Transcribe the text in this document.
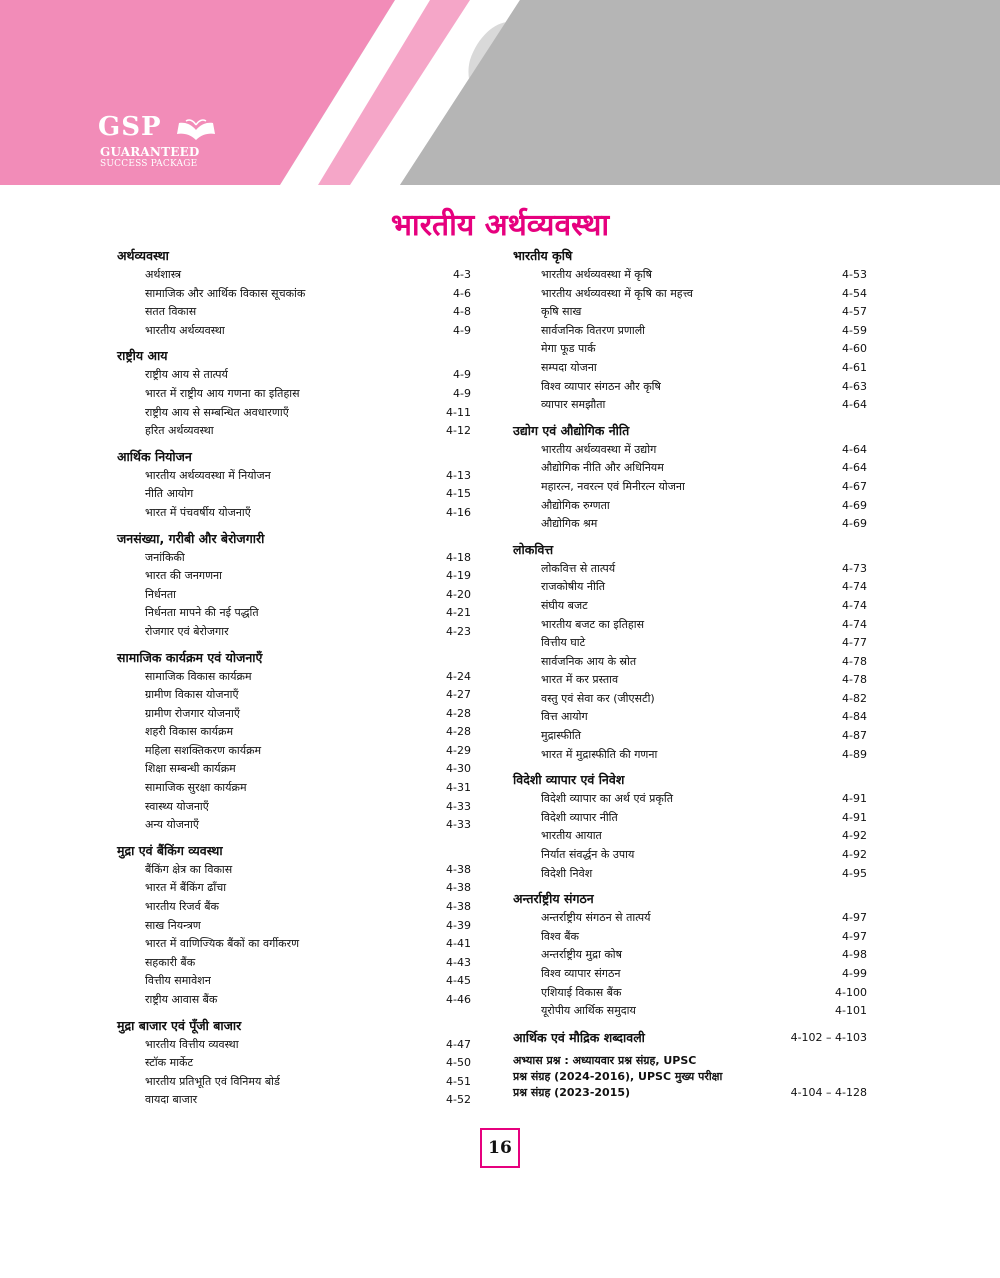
GSP
GUARANTEED
SUCCESS PACKAGE
भारतीय अर्थव्यवस्था
अर्थव्यवस्था
अर्थशास्त्र	4-3
सामाजिक और आर्थिक विकास सूचकांक	4-6
सतत विकास	4-8
भारतीय अर्थव्यवस्था	4-9
राष्ट्रीय आय
राष्ट्रीय आय से तात्पर्य	4-9
भारत में राष्ट्रीय आय गणना का इतिहास	4-9
राष्ट्रीय आय से सम्बन्धित अवधारणाएँ	4-11
हरित अर्थव्यवस्था	4-12
आर्थिक नियोजन
भारतीय अर्थव्यवस्था में नियोजन	4-13
नीति आयोग	4-15
भारत में पंचवर्षीय योजनाएँ	4-16
जनसंख्या, गरीबी और बेरोजगारी
जनांकिकी	4-18
भारत की जनगणना	4-19
निर्धनता	4-20
निर्धनता मापने की नई पद्धति	4-21
रोजगार एवं बेरोजगार	4-23
सामाजिक कार्यक्रम एवं योजनाएँ
सामाजिक विकास कार्यक्रम	4-24
ग्रामीण विकास योजनाएँ	4-27
ग्रामीण रोजगार योजनाएँ	4-28
शहरी विकास कार्यक्रम	4-28
महिला सशक्तिकरण कार्यक्रम	4-29
शिक्षा सम्बन्धी कार्यक्रम	4-30
सामाजिक सुरक्षा कार्यक्रम	4-31
स्वास्थ्य योजनाएँ	4-33
अन्य योजनाएँ	4-33
मुद्रा एवं बैंकिंग व्यवस्था
बैंकिंग क्षेत्र का विकास	4-38
भारत में बैंकिंग ढाँचा	4-38
भारतीय रिजर्व बैंक	4-38
साख नियन्त्रण	4-39
भारत में वाणिज्यिक बैंकों का वर्गीकरण	4-41
सहकारी बैंक	4-43
वित्तीय समावेशन	4-45
राष्ट्रीय आवास बैंक	4-46
मुद्रा बाजार एवं पूँजी बाजार
भारतीय वित्तीय व्यवस्था	4-47
स्टॉक मार्केट	4-50
भारतीय प्रतिभूति एवं विनिमय बोर्ड	4-51
वायदा बाजार	4-52
भारतीय कृषि
भारतीय अर्थव्यवस्था में कृषि	4-53
भारतीय अर्थव्यवस्था में कृषि का महत्त्व	4-54
कृषि साख	4-57
सार्वजनिक वितरण प्रणाली	4-59
मेगा फूड पार्क	4-60
सम्पदा योजना	4-61
विश्व व्यापार संगठन और कृषि	4-63
व्यापार समझौता	4-64
उद्योग एवं औद्योगिक नीति
भारतीय अर्थव्यवस्था में उद्योग	4-64
औद्योगिक नीति और अधिनियम	4-64
महारत्न, नवरत्न एवं मिनीरत्न योजना	4-67
औद्योगिक रुग्णता	4-69
औद्योगिक श्रम	4-69
लोकवित्त
लोकवित्त से तात्पर्य	4-73
राजकोषीय नीति	4-74
संघीय बजट	4-74
भारतीय बजट का इतिहास	4-74
वित्तीय घाटे	4-77
सार्वजनिक आय के स्रोत	4-78
भारत में कर प्रस्ताव	4-78
वस्तु एवं सेवा कर (जीएसटी)	4-82
वित्त आयोग	4-84
मुद्रास्फीति	4-87
भारत में मुद्रास्फीति की गणना	4-89
विदेशी व्यापार एवं निवेश
विदेशी व्यापार का अर्थ एवं प्रकृति	4-91
विदेशी व्यापार नीति	4-91
भारतीय आयात	4-92
निर्यात संवर्द्धन के उपाय	4-92
विदेशी निवेश	4-95
अन्तर्राष्ट्रीय संगठन
अन्तर्राष्ट्रीय संगठन से तात्पर्य	4-97
विश्व बैंक	4-97
अन्तर्राष्ट्रीय मुद्रा कोष	4-98
विश्व व्यापार संगठन	4-99
एशियाई विकास बैंक	4-100
यूरोपीय आर्थिक समुदाय	4-101
आर्थिक एवं मौद्रिक शब्दावली	4-102 – 4-103
अभ्यास प्रश्न : अध्यायवार प्रश्न संग्रह, UPSC
प्रश्न संग्रह (2024-2016), UPSC मुख्य परीक्षा
प्रश्न संग्रह (2023-2015)	4-104 – 4-128
16
